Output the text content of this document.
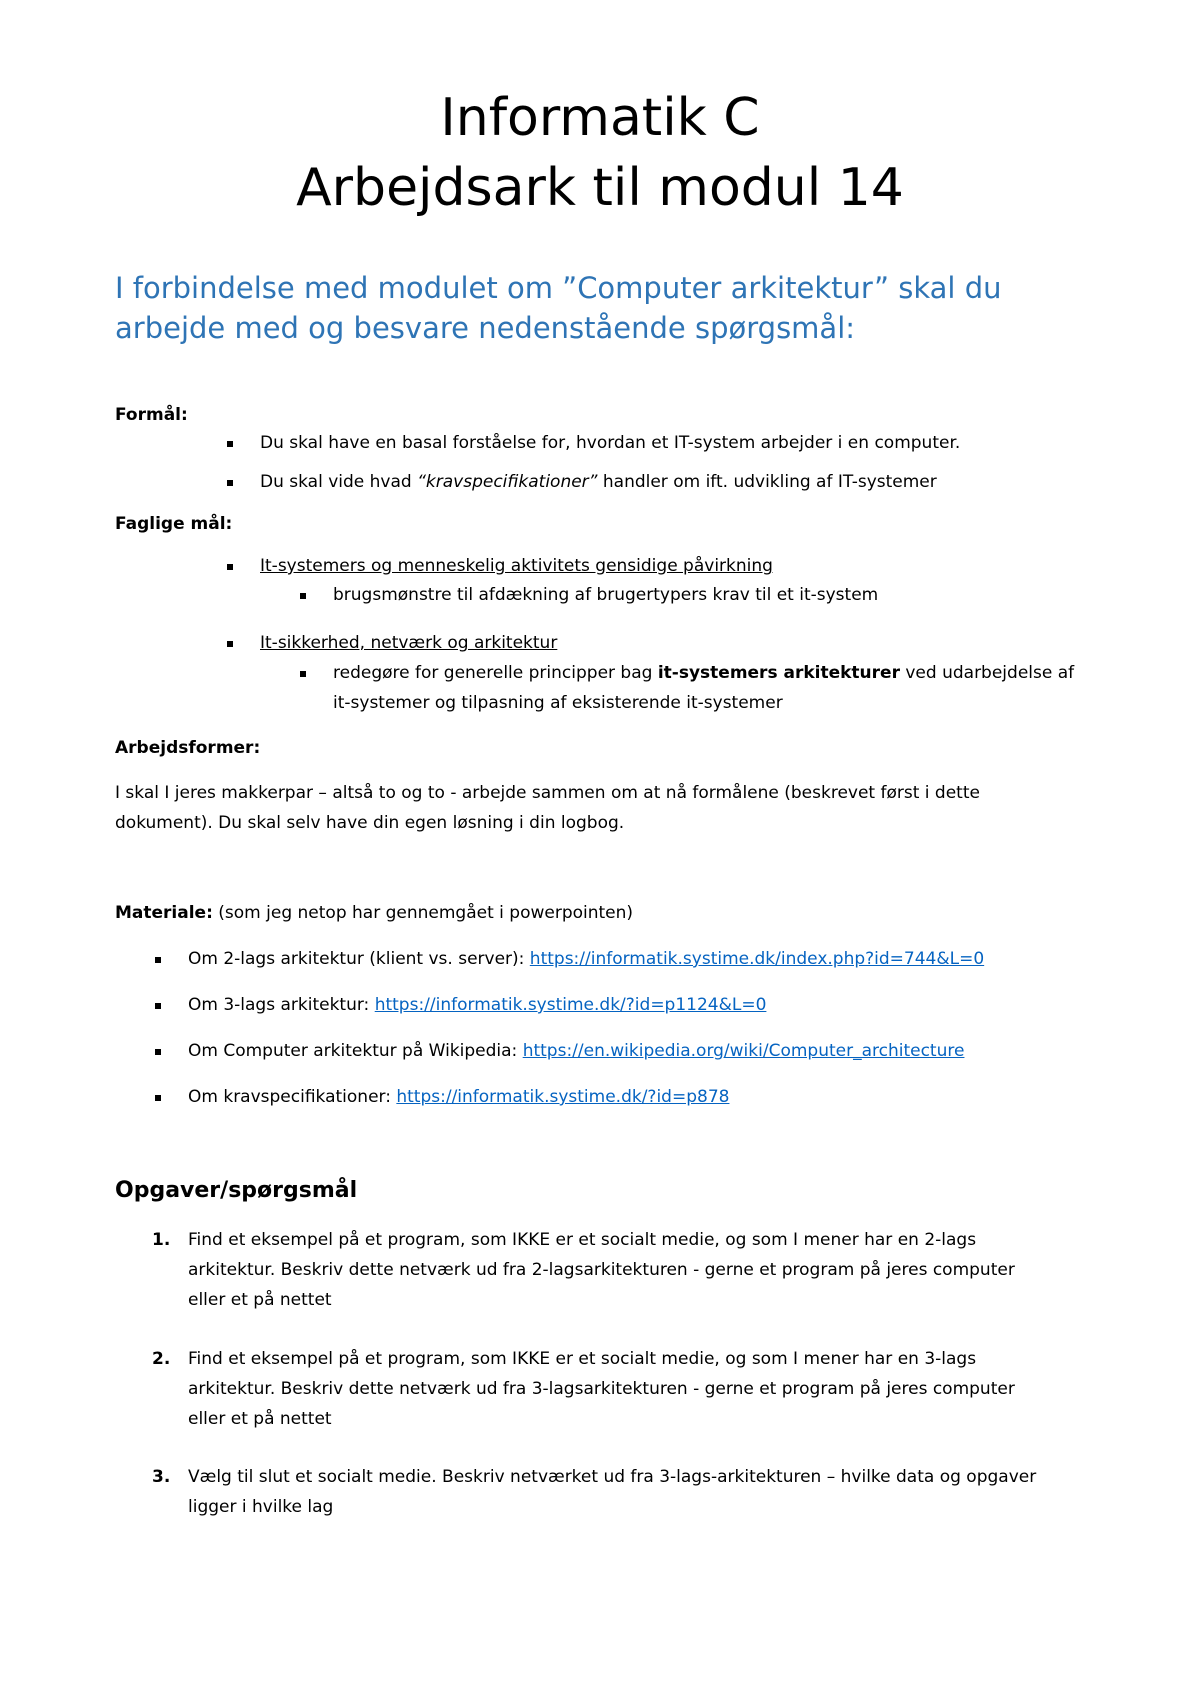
Informatik C
Arbejdsark til modul 14

I forbindelse med modulet om ”Computer arkitektur” skal du arbejde med og besvare nedenstående spørgsmål:

Formål:

Du skal have en basal forståelse for, hvordan et IT-system arbejder i en computer.

Du skal vide hvad “kravspecifikationer” handler om ift. udvikling af IT-systemer

Faglige mål:

It-systemers og menneskelig aktivitets gensidige påvirkning

brugsmønstre til afdækning af brugertypers krav til et it-system

It-sikkerhed, netværk og arkitektur

redegøre for generelle principper bag it-systemers arkitekturer ved udarbejdelse af

it-systemer og tilpasning af eksisterende it-systemer

Arbejdsformer:

I skal I jeres makkerpar – altså to og to - arbejde sammen om at nå formålene (beskrevet først i dette

dokument). Du skal selv have din egen løsning i din logbog.

Materiale: (som jeg netop har gennemgået i powerpointen)

Om 2-lags arkitektur (klient vs. server): https://informatik.systime.dk/index.php?id=744&L=0

Om 3-lags arkitektur: https://informatik.systime.dk/?id=p1124&L=0

Om Computer arkitektur på Wikipedia: https://en.wikipedia.org/wiki/Computer_architecture

Om kravspecifikationer: https://informatik.systime.dk/?id=p878

Opgaver/spørgsmål

1. Find et eksempel på et program, som IKKE er et socialt medie, og som I mener har en 2-lags

arkitektur. Beskriv dette netværk ud fra 2-lagsarkitekturen - gerne et program på jeres computer

eller et på nettet

2. Find et eksempel på et program, som IKKE er et socialt medie, og som I mener har en 3-lags

arkitektur. Beskriv dette netværk ud fra 3-lagsarkitekturen - gerne et program på jeres computer

eller et på nettet

3. Vælg til slut et socialt medie. Beskriv netværket ud fra 3-lags-arkitekturen – hvilke data og opgaver

ligger i hvilke lag
